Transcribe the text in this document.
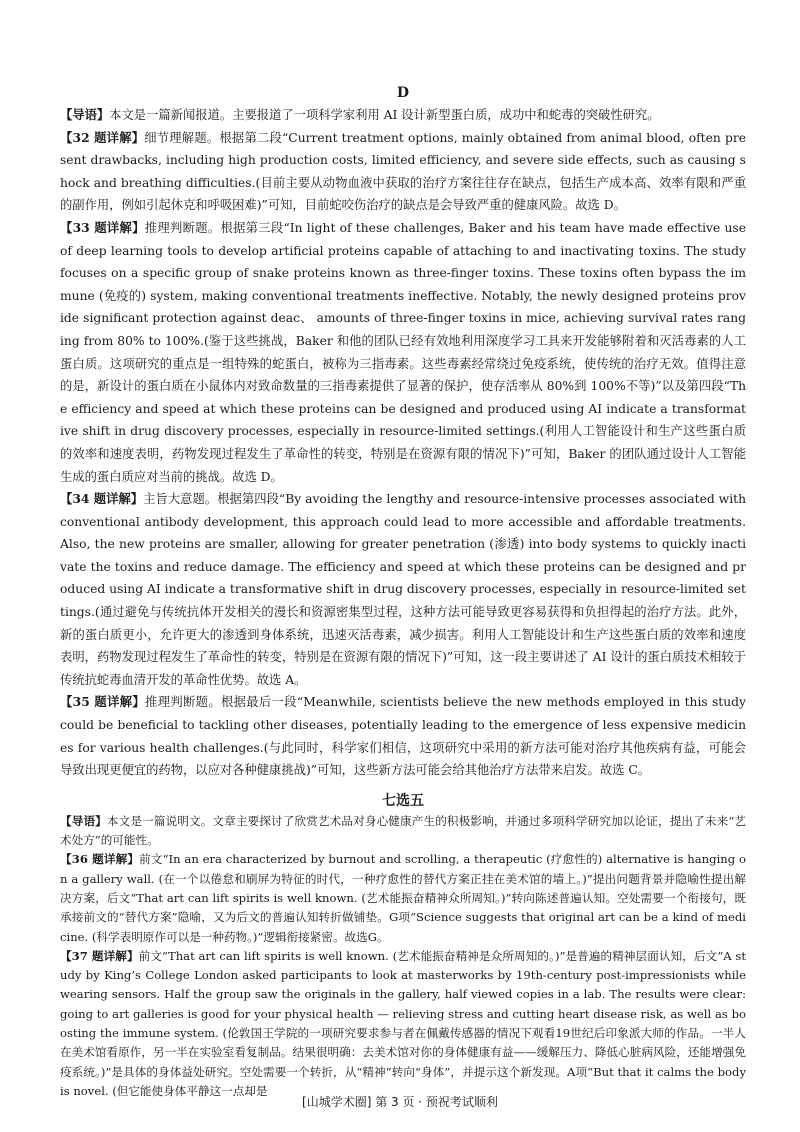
D

【导语】本文是一篇新闻报道。主要报道了一项科学家利用 AI 设计新型蛋白质，成功中和蛇毒的突破性研究。

【32 题详解】细节理解题。根据第二段“Current treatment options, mainly obtained from animal blood, often present drawbacks, including high production costs, limited efficiency, and severe side effects, such as causing shock and breathing difficulties.(目前主要从动物血液中获取的治疗方案往往存在缺点，包括生产成本高、效率有限和严重的副作用，例如引起休克和呼吸困难)”可知，目前蛇咬伤治疗的缺点是会导致严重的健康风险。故选 D。

【33 题详解】推理判断题。根据第三段“In light of these challenges, Baker and his team have made effective use of deep learning tools to develop artificial proteins capable of attaching to and inactivating toxins. The study focuses on a specific group of snake proteins known as three-finger toxins. These toxins often bypass the immune (免疫的) system, making conventional treatments ineffective. Notably, the newly designed proteins provide significant protection against deac、 amounts of three-finger toxins in mice, achieving survival rates ranging from 80% to 100%.(鉴于这些挑战，Baker 和他的团队已经有效地利用深度学习工具来开发能够附着和灭活毒素的人工蛋白质。这项研究的重点是一组特殊的蛇蛋白，被称为三指毒素。这些毒素经常绕过免疫系统，使传统的治疗无效。值得注意的是，新设计的蛋白质在小鼠体内对致命数量的三指毒素提供了显著的保护，使存活率从 80%到 100%不等)”以及第四段“The efficiency and speed at which these proteins can be designed and produced using AI indicate a transformative shift in drug discovery processes, especially in resource-limited settings.(利用人工智能设计和生产这些蛋白质的效率和速度表明，药物发现过程发生了革命性的转变，特别是在资源有限的情况下)”可知，Baker 的团队通过设计人工智能生成的蛋白质应对当前的挑战。故选 D。

【34 题详解】主旨大意题。根据第四段“By avoiding the lengthy and resource-intensive processes associated with conventional antibody development, this approach could lead to more accessible and affordable treatments. Also, the new proteins are smaller, allowing for greater penetration (渗透) into body systems to quickly inactivate the toxins and reduce damage. The efficiency and speed at which these proteins can be designed and produced using AI indicate a transformative shift in drug discovery processes, especially in resource-limited settings.(通过避免与传统抗体开发相关的漫长和资源密集型过程，这种方法可能导致更容易获得和负担得起的治疗方法。此外，新的蛋白质更小，允许更大的渗透到身体系统，迅速灭活毒素，减少损害。利用人工智能设计和生产这些蛋白质的效率和速度表明，药物发现过程发生了革命性的转变，特别是在资源有限的情况下)”可知，这一段主要讲述了 AI 设计的蛋白质技术相较于传统抗蛇毒血清开发的革命性优势。故选 A。

【35 题详解】推理判断题。根据最后一段“Meanwhile, scientists believe the new methods employed in this study could be beneficial to tackling other diseases, potentially leading to the emergence of less expensive medicines for various health challenges.(与此同时，科学家们相信，这项研究中采用的新方法可能对治疗其他疾病有益，可能会导致出现更便宜的药物，以应对各种健康挑战)”可知，这些新方法可能会给其他治疗方法带来启发。故选 C。

七选五

【导语】本文是一篇说明文。文章主要探讨了欣赏艺术品对身心健康产生的积极影响，并通过多项科学研究加以论证，提出了未来“艺术处方”的可能性。

【36 题详解】前文“In an era characterized by burnout and scrolling, a therapeutic (疗愈性的) alternative is hanging on a gallery wall. (在一个以倦怠和刷屏为特征的时代，一种疗愈性的替代方案正挂在美术馆的墙上。)”提出问题背景并隐喻性提出解决方案，后文“That art can lift spirits is well known. (艺术能振奋精神众所周知。)”转向陈述普遍认知。空处需要一个衔接句，既承接前文的“替代方案”隐喻，又为后文的普遍认知转折做铺垫。G项“Science suggests that original art can be a kind of medicine. (科学表明原作可以是一种药物。)”逻辑衔接紧密。故选G。

【37 题详解】前文“That art can lift spirits is well known. (艺术能振奋精神是众所周知的。)”是普遍的精神层面认知，后文“A study by King’s College London asked participants to look at masterworks by 19th-century post-impressionists while wearing sensors. Half the group saw the originals in the gallery, half viewed copies in a lab. The results were clear: going to art galleries is good for your physical health — relieving stress and cutting heart disease risk, as well as boosting the immune system. (伦敦国王学院的一项研究要求参与者在佩戴传感器的情况下观看19世纪后印象派大师的作品。一半人在美术馆看原作，另一半在实验室看复制品。结果很明确：去美术馆对你的身体健康有益——缓解压力、降低心脏病风险，还能增强免疫系统。)”是具体的身体益处研究。空处需要一个转折，从“精神”转向“身体”，并提示这个新发现。A项“But that it calms the body is novel. (但它能使身体平静这一点却是

[山城学术圈] 第 3 页 · 预祝考试顺利
